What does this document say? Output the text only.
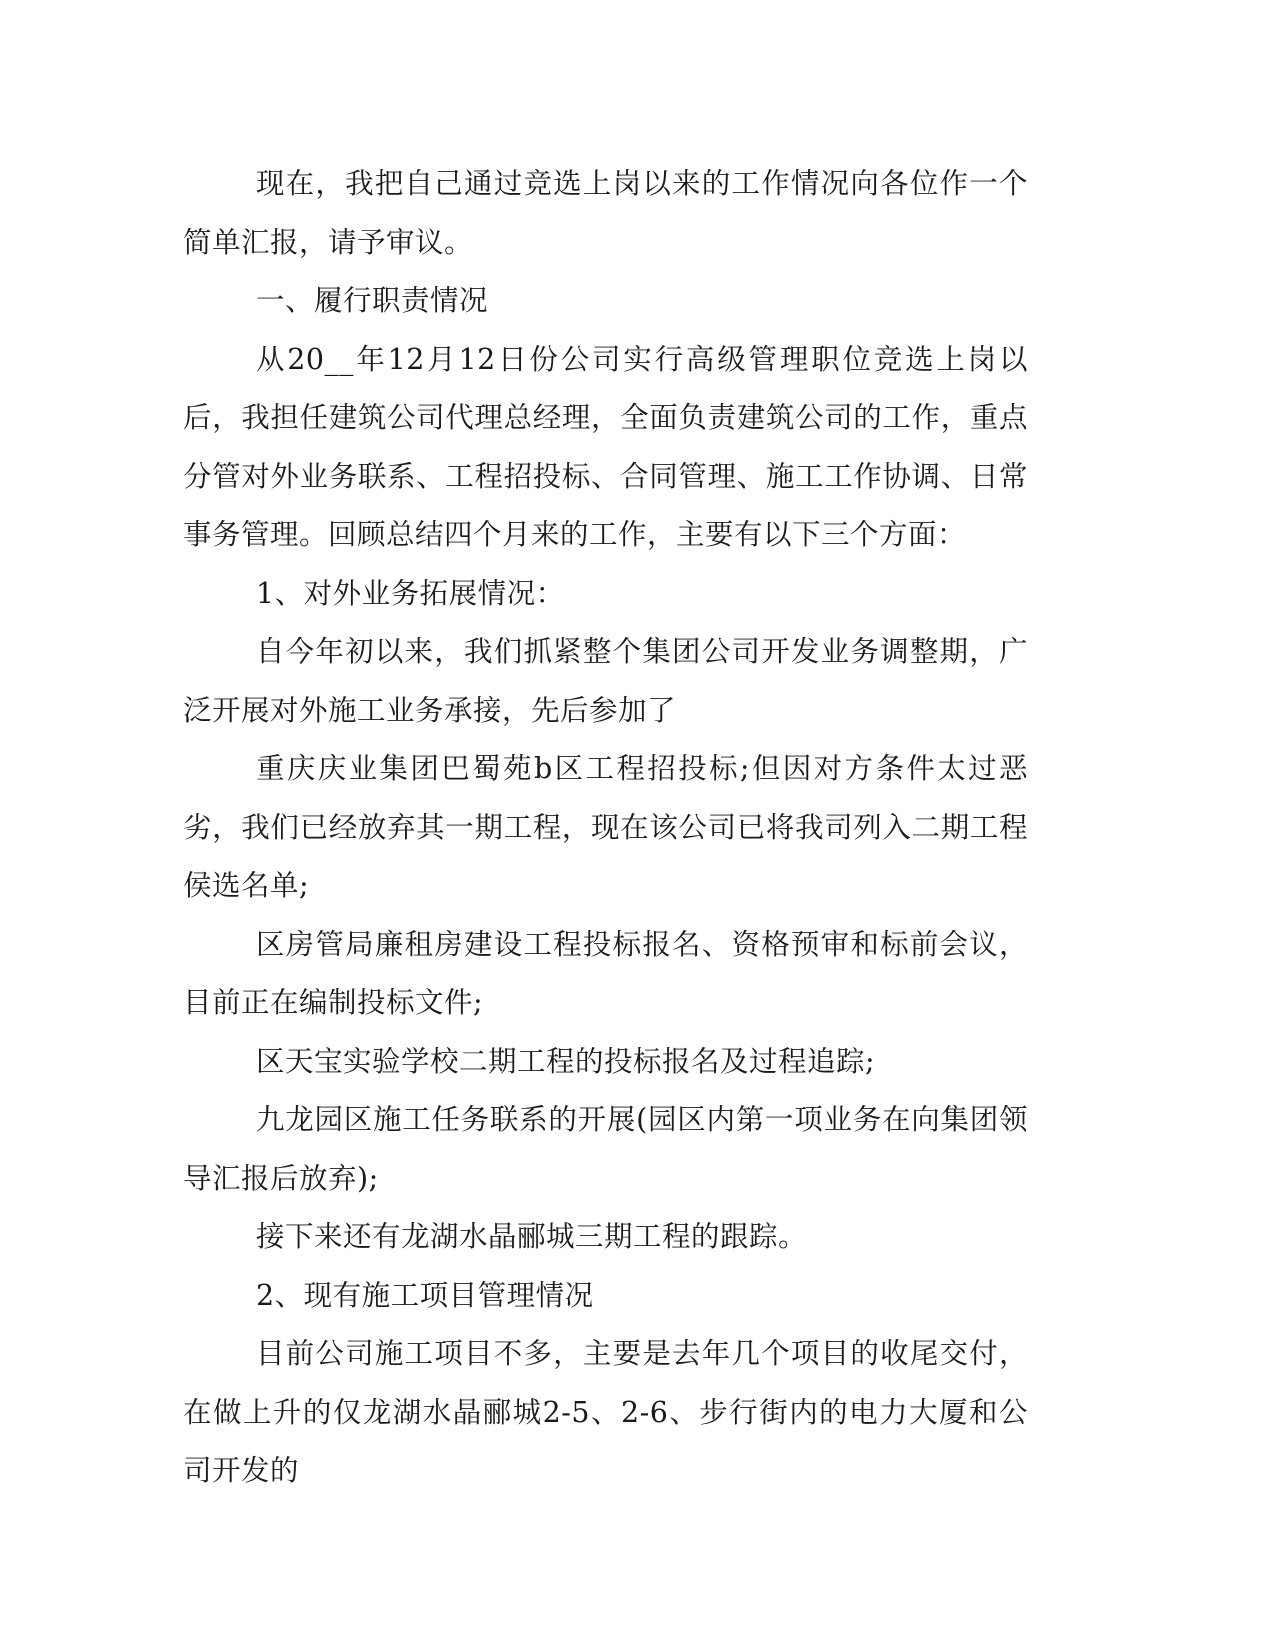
现在，我把自己通过竞选上岗以来的工作情况向各位作一个简单汇报，请予审议。

一、履行职责情况

从20__年12月12日份公司实行高级管理职位竞选上岗以后，我担任建筑公司代理总经理，全面负责建筑公司的工作，重点分管对外业务联系、工程招投标、合同管理、施工工作协调、日常事务管理。回顾总结四个月来的工作，主要有以下三个方面：

1、对外业务拓展情况：

自今年初以来，我们抓紧整个集团公司开发业务调整期，广泛开展对外施工业务承接，先后参加了

重庆庆业集团巴蜀苑b区工程招投标;但因对方条件太过恶劣，我们已经放弃其一期工程，现在该公司已将我司列入二期工程侯选名单;

区房管局廉租房建设工程投标报名、资格预审和标前会议，目前正在编制投标文件;

区天宝实验学校二期工程的投标报名及过程追踪;

九龙园区施工任务联系的开展(园区内第一项业务在向集团领导汇报后放弃);

接下来还有龙湖水晶郦城三期工程的跟踪。

2、现有施工项目管理情况

目前公司施工项目不多，主要是去年几个项目的收尾交付，在做上升的仅龙湖水晶郦城2-5、2-6、步行街内的电力大厦和公司开发的
